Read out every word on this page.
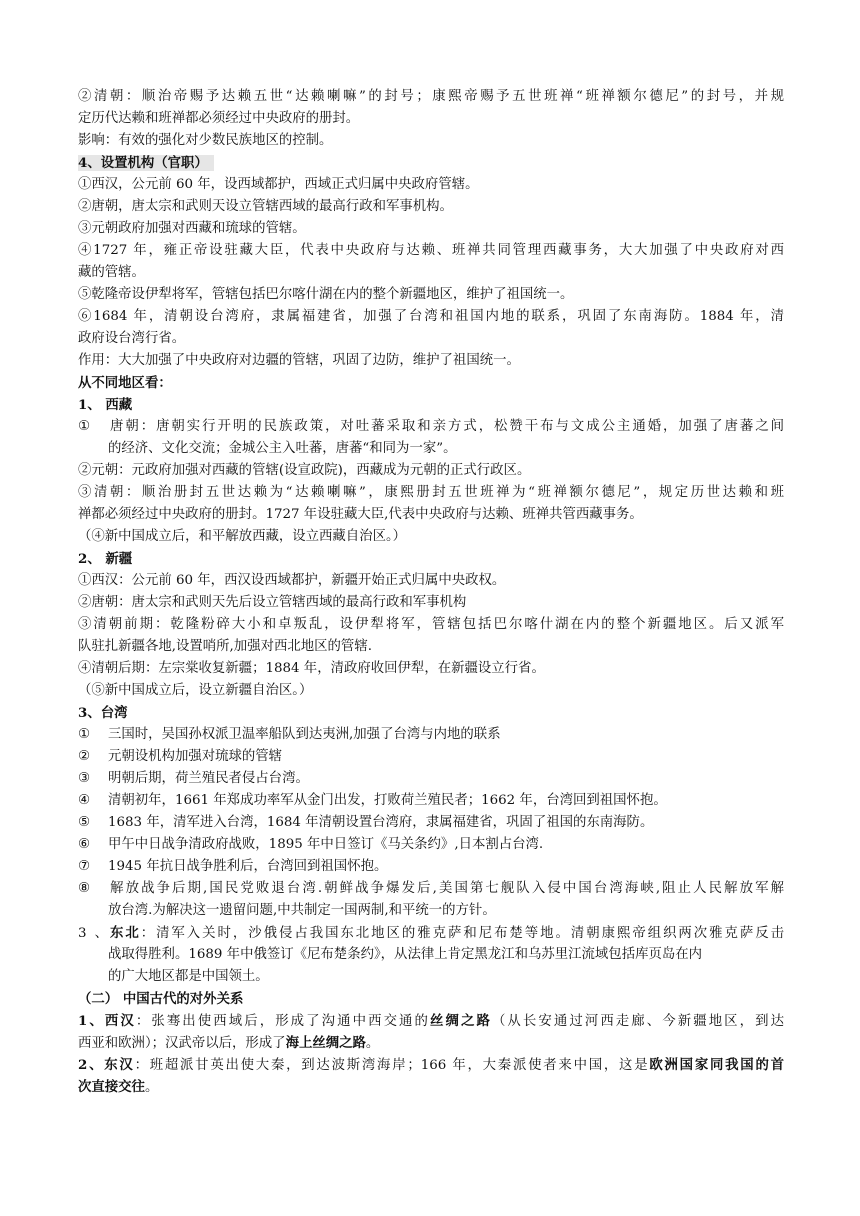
②清朝：顺治帝赐予达赖五世“达赖喇嘛”的封号；康熙帝赐予五世班禅“班禅额尔德尼”的封号，并规
定历代达赖和班禅都必须经过中央政府的册封。
影响：有效的强化对少数民族地区的控制。
4、设置机构（官职）
①西汉，公元前 60 年，设西域都护，西域正式归属中央政府管辖。
②唐朝，唐太宗和武则天设立管辖西域的最高行政和军事机构。
③元朝政府加强对西藏和琉球的管辖。
④1727 年，雍正帝设驻藏大臣，代表中央政府与达赖、班禅共同管理西藏事务，大大加强了中央政府对西
藏的管辖。
⑤乾隆帝设伊犁将军，管辖包括巴尔喀什湖在内的整个新疆地区，维护了祖国统一。
⑥1684 年，清朝设台湾府，隶属福建省，加强了台湾和祖国内地的联系，巩固了东南海防。1884 年，清
政府设台湾行省。
作用：大大加强了中央政府对边疆的管辖，巩固了边防，维护了祖国统一。
从不同地区看：
1、 西藏
① 唐朝：唐朝实行开明的民族政策，对吐蕃采取和亲方式，松赞干布与文成公主通婚，加强了唐蕃之间
的经济、文化交流；金城公主入吐蕃，唐蕃“和同为一家”。
②元朝：元政府加强对西藏的管辖(设宣政院)，西藏成为元朝的正式行政区。
③清朝：顺治册封五世达赖为“达赖喇嘛”，康熙册封五世班禅为“班禅额尔德尼”，规定历世达赖和班
禅都必须经过中央政府的册封。1727 年设驻藏大臣,代表中央政府与达赖、班禅共管西藏事务。
（④新中国成立后，和平解放西藏，设立西藏自治区。）
2、 新疆
①西汉：公元前 60 年，西汉设西域都护，新疆开始正式归属中央政权。
②唐朝：唐太宗和武则天先后设立管辖西域的最高行政和军事机构
③清朝前期：乾隆粉碎大小和卓叛乱，设伊犁将军，管辖包括巴尔喀什湖在内的整个新疆地区。后又派军
队驻扎新疆各地,设置哨所,加强对西北地区的管辖.
④清朝后期：左宗棠收复新疆；1884 年，清政府收回伊犁，在新疆设立行省。
（⑤新中国成立后，设立新疆自治区。）
3、台湾
① 三国时，吴国孙权派卫温率船队到达夷洲,加强了台湾与内地的联系
② 元朝设机构加强对琉球的管辖
③ 明朝后期，荷兰殖民者侵占台湾。
④ 清朝初年，1661 年郑成功率军从金门出发，打败荷兰殖民者；1662 年，台湾回到祖国怀抱。
⑤ 1683 年，清军进入台湾，1684 年清朝设置台湾府，隶属福建省，巩固了祖国的东南海防。
⑥ 甲午中日战争清政府战败，1895 年中日签订《马关条约》,日本割占台湾.
⑦ 1945 年抗日战争胜利后，台湾回到祖国怀抱。
⑧ 解放战争后期,国民党败退台湾.朝鲜战争爆发后,美国第七舰队入侵中国台湾海峡,阻止人民解放军解
放台湾.为解决这一遗留问题,中共制定一国两制,和平统一的方针。
3、东北：清军入关时，沙俄侵占我国东北地区的雅克萨和尼布楚等地。清朝康熙帝组织两次雅克萨反击
战取得胜利。1689 年中俄签订《尼布楚条约》，从法律上肯定黑龙江和乌苏里江流域包括库页岛在内
的广大地区都是中国领土。
（二） 中国古代的对外关系
1、西汉：张骞出使西域后，形成了沟通中西交通的丝绸之路（从长安通过河西走廊、今新疆地区，到达
西亚和欧洲）；汉武帝以后，形成了海上丝绸之路。
2、东汉：班超派甘英出使大秦，到达波斯湾海岸；166 年，大秦派使者来中国，这是欧洲国家同我国的首
次直接交往。
